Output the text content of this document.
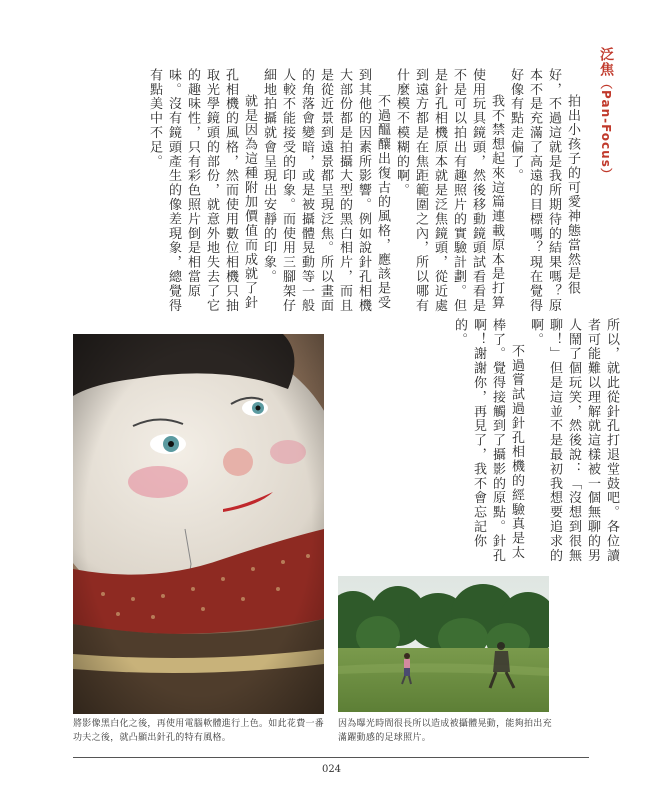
泛焦（Pan-Focus）

拍出小孩子的可愛神態當然是很好，不過這就是我所期待的結果嗎？原本不是充滿了高遠的目標嗎？現在覺得好像有點走偏了。

我不禁想起來這篇連載原本是打算使用玩具鏡頭，然後移動鏡頭試看看是不是可以拍出有趣照片的實驗計劃。但是針孔相機原本就是泛焦鏡頭，從近處到遠方都是在焦距範圍之內，所以哪有什麼模不模糊的啊。

不過醞釀出復古的風格，應該是受到其他的因素所影響。例如說針孔相機大部份都是拍攝大型的黑白相片，而且是從近景到遠景都呈現泛焦。所以畫面的角落會變暗，或是被攝體晃動等一般人較不能接受的印象。而使用三腳架仔細地拍攝就會呈現出安靜的印象。

就是因為這種附加價值而成就了針孔相機的風格，然而使用數位相機只抽取光學鏡頭的部份，就意外地失去了它的趣味性，只有彩色照片倒是相當原味。沒有鏡頭產生的像差現象，總覺得有點美中不足。

所以，就此從針孔打退堂鼓吧。各位讀者可能難以理解就這樣被一個無聊的男人鬧了個玩笑，然後說：「沒想到很無聊！」但是這並不是最初我想要追求的啊。

不過嘗試過針孔相機的經驗真是太棒了。覺得接觸到了攝影的原點。針孔啊！謝謝你，再見了，我不會忘記你的。

將影像黑白化之後，再使用電腦軟體進行上色。如此花費一番功夫之後，就凸顯出針孔的特有風格。
因為曝光時間很長所以造成被攝體晃動，能夠拍出充滿躍動感的足球照片。
024
